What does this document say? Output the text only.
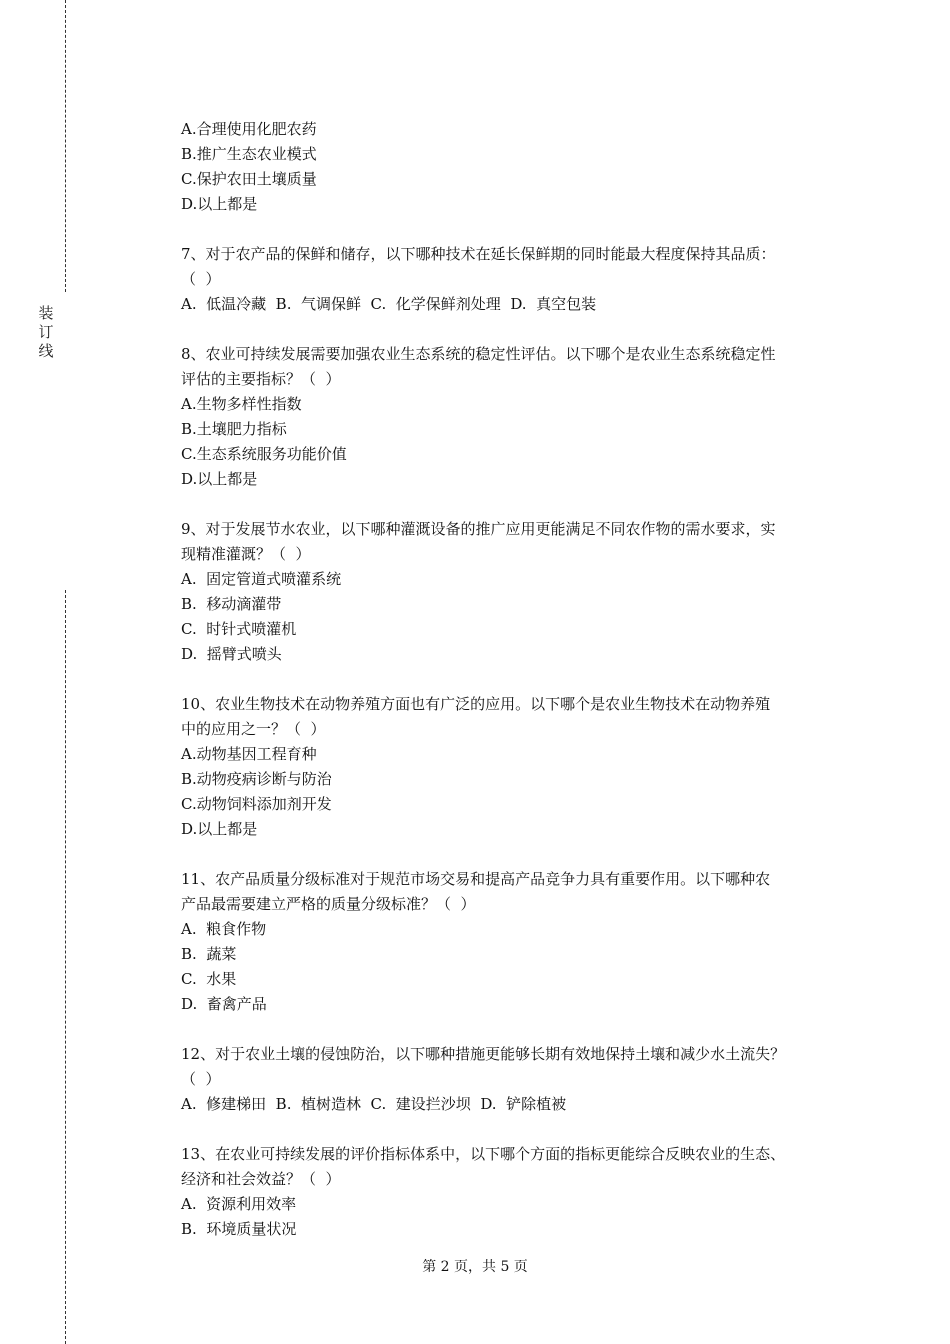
装
订
线
A.合理使用化肥农药
B.推广生态农业模式
C.保护农田土壤质量
D.以上都是
7、对于农产品的保鲜和储存，以下哪种技术在延长保鲜期的同时能最大程度保持其品质：
（  ）
A.  低温冷藏  B.  气调保鲜  C.  化学保鲜剂处理  D.  真空包装
8、农业可持续发展需要加强农业生态系统的稳定性评估。以下哪个是农业生态系统稳定性
评估的主要指标？（  ）
A.生物多样性指数
B.土壤肥力指标
C.生态系统服务功能价值
D.以上都是
9、对于发展节水农业，以下哪种灌溉设备的推广应用更能满足不同农作物的需水要求，实
现精准灌溉？（  ）
A.  固定管道式喷灌系统
B.  移动滴灌带
C.  时针式喷灌机
D.  摇臂式喷头
10、农业生物技术在动物养殖方面也有广泛的应用。以下哪个是农业生物技术在动物养殖
中的应用之一？（  ）
A.动物基因工程育种
B.动物疫病诊断与防治
C.动物饲料添加剂开发
D.以上都是
11、农产品质量分级标准对于规范市场交易和提高产品竞争力具有重要作用。以下哪种农
产品最需要建立严格的质量分级标准？（  ）
A.  粮食作物
B.  蔬菜
C.  水果
D.  畜禽产品
12、对于农业土壤的侵蚀防治，以下哪种措施更能够长期有效地保持土壤和减少水土流失？
（  ）
A.  修建梯田  B.  植树造林  C.  建设拦沙坝  D.  铲除植被
13、在农业可持续发展的评价指标体系中，以下哪个方面的指标更能综合反映农业的生态、
经济和社会效益？（  ）
A.  资源利用效率
B.  环境质量状况
第 2 页，共 5 页
